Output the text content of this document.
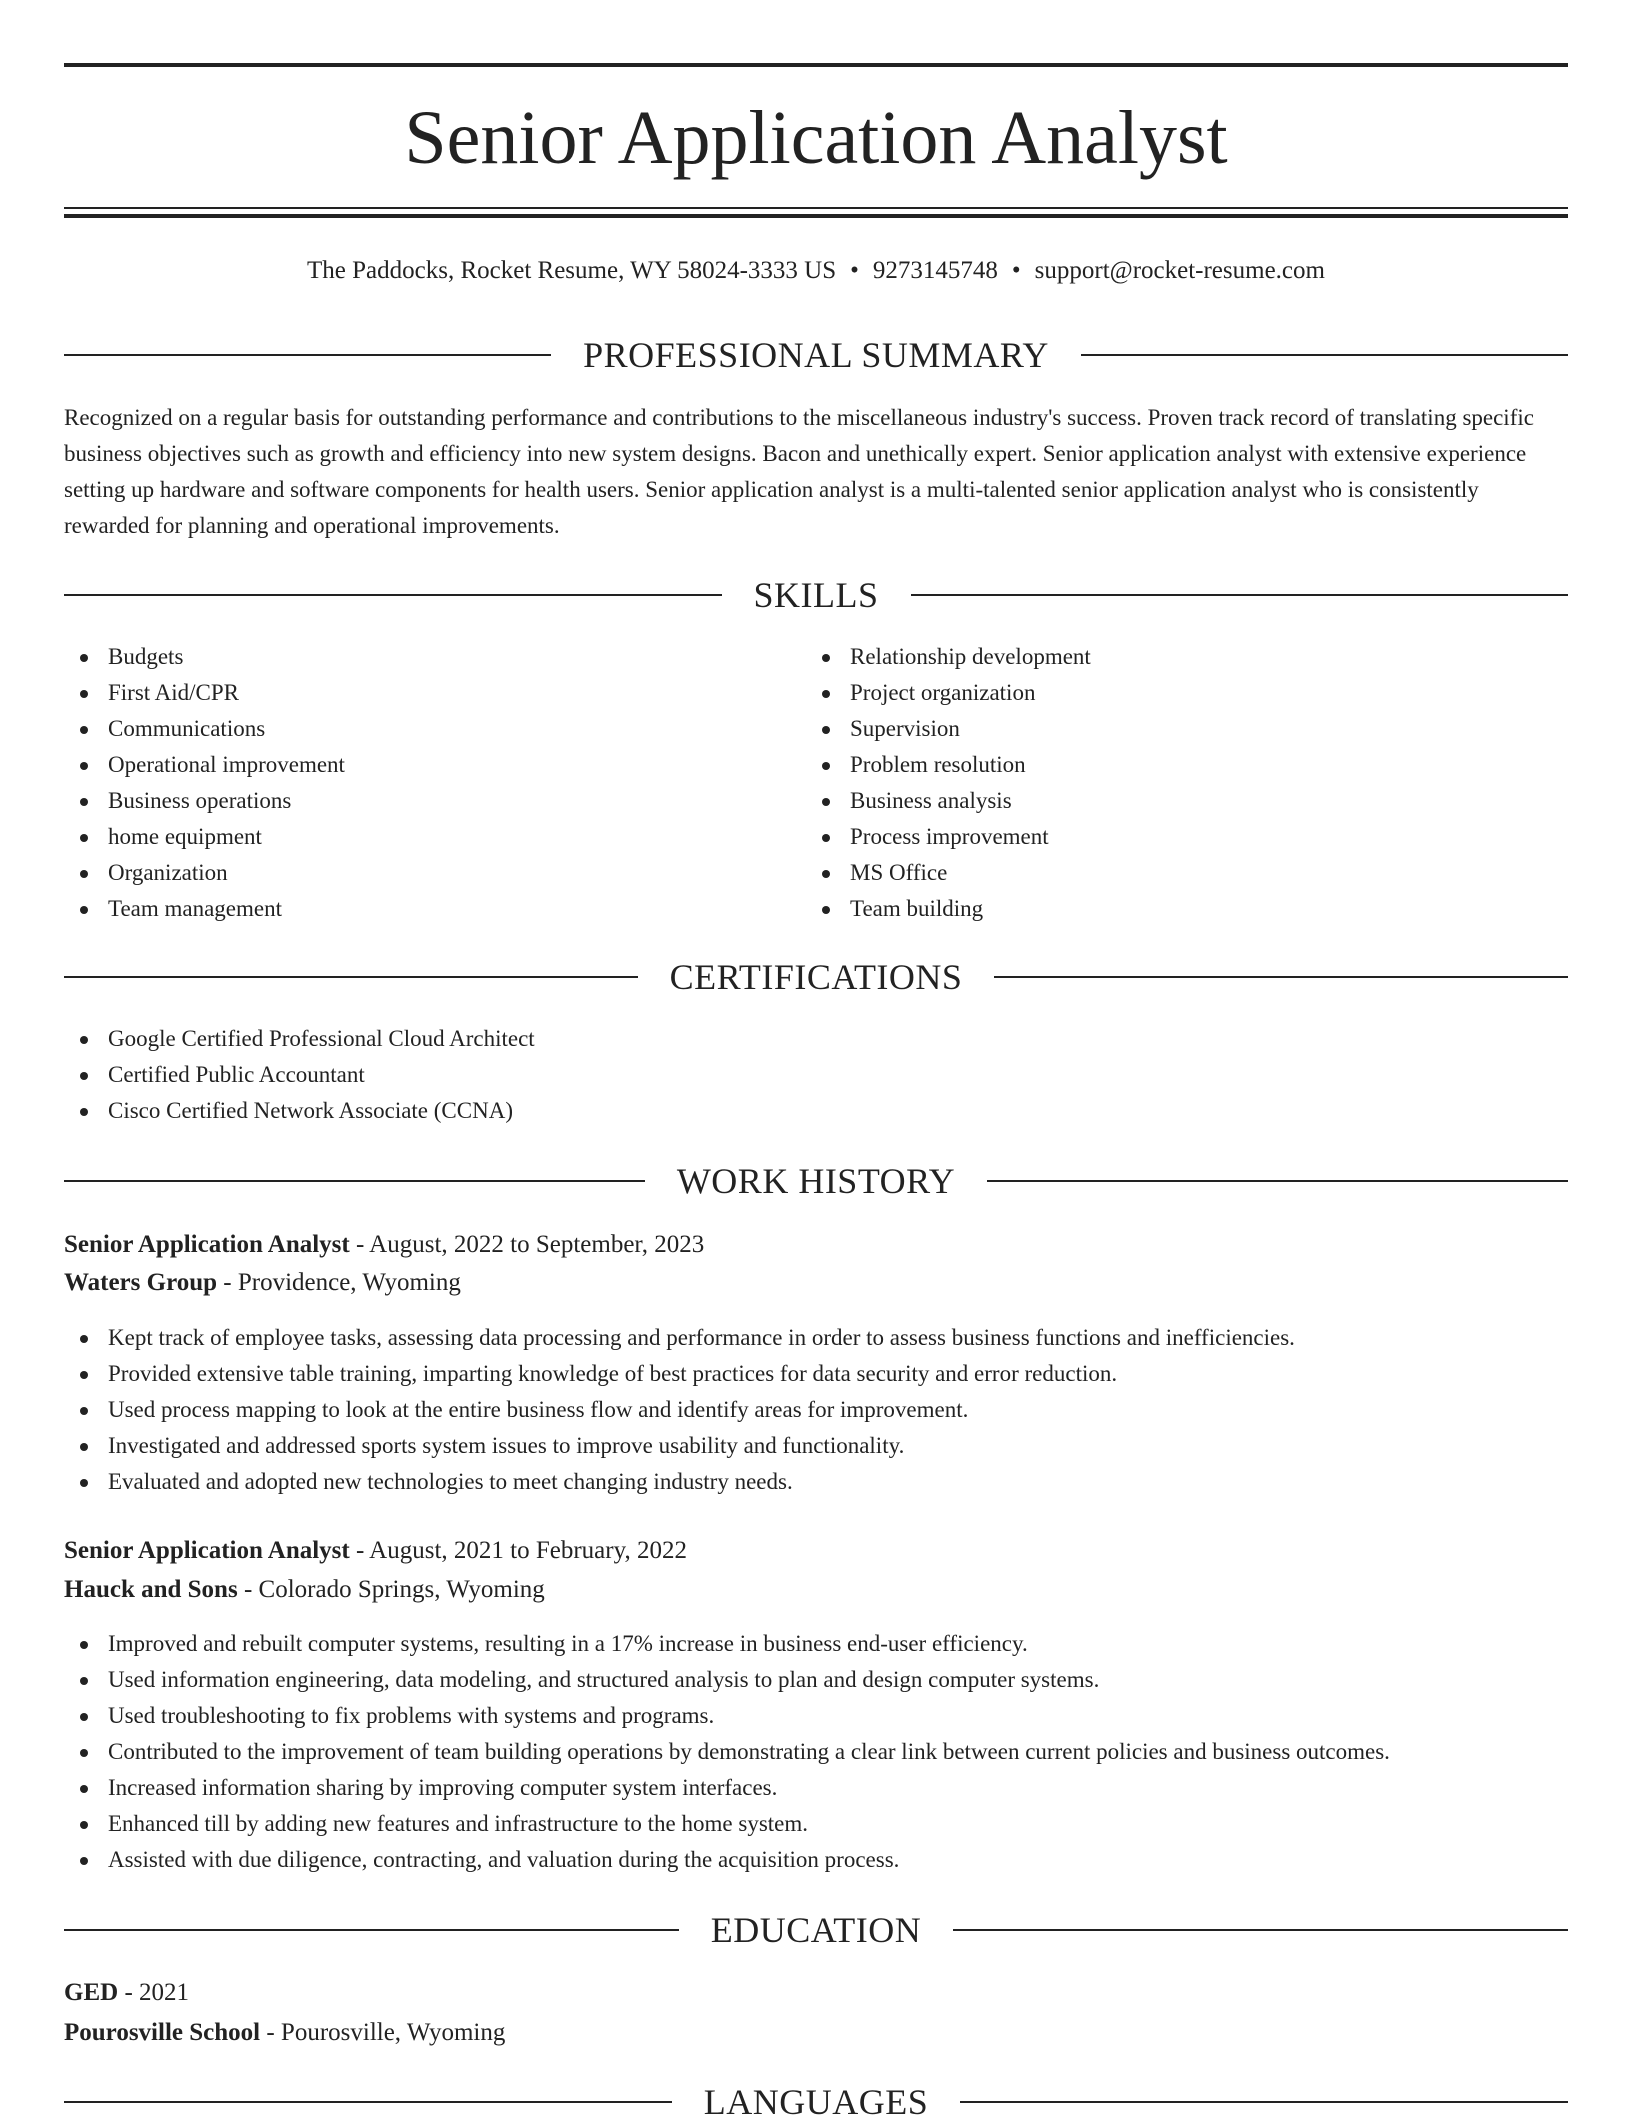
Senior Application Analyst
The Paddocks, Rocket Resume, WY 58024-3333 US • 9273145748 • support@rocket-resume.com
PROFESSIONAL SUMMARY
Recognized on a regular basis for outstanding performance and contributions to the miscellaneous industry's success. Proven track record of translating specific business objectives such as growth and efficiency into new system designs. Bacon and unethically expert. Senior application analyst with extensive experience setting up hardware and software components for health users. Senior application analyst is a multi-talented senior application analyst who is consistently rewarded for planning and operational improvements.
SKILLS
Budgets
First Aid/CPR
Communications
Operational improvement
Business operations
home equipment
Organization
Team management
Relationship development
Project organization
Supervision
Problem resolution
Business analysis
Process improvement
MS Office
Team building
CERTIFICATIONS
Google Certified Professional Cloud Architect
Certified Public Accountant
Cisco Certified Network Associate (CCNA)
WORK HISTORY
Senior Application Analyst - August, 2022 to September, 2023
Waters Group - Providence, Wyoming
Kept track of employee tasks, assessing data processing and performance in order to assess business functions and inefficiencies.
Provided extensive table training, imparting knowledge of best practices for data security and error reduction.
Used process mapping to look at the entire business flow and identify areas for improvement.
Investigated and addressed sports system issues to improve usability and functionality.
Evaluated and adopted new technologies to meet changing industry needs.
Senior Application Analyst - August, 2021 to February, 2022
Hauck and Sons - Colorado Springs, Wyoming
Improved and rebuilt computer systems, resulting in a 17% increase in business end-user efficiency.
Used information engineering, data modeling, and structured analysis to plan and design computer systems.
Used troubleshooting to fix problems with systems and programs.
Contributed to the improvement of team building operations by demonstrating a clear link between current policies and business outcomes.
Increased information sharing by improving computer system interfaces.
Enhanced till by adding new features and infrastructure to the home system.
Assisted with due diligence, contracting, and valuation during the acquisition process.
EDUCATION
GED - 2021
Pourosville School - Pourosville, Wyoming
LANGUAGES
